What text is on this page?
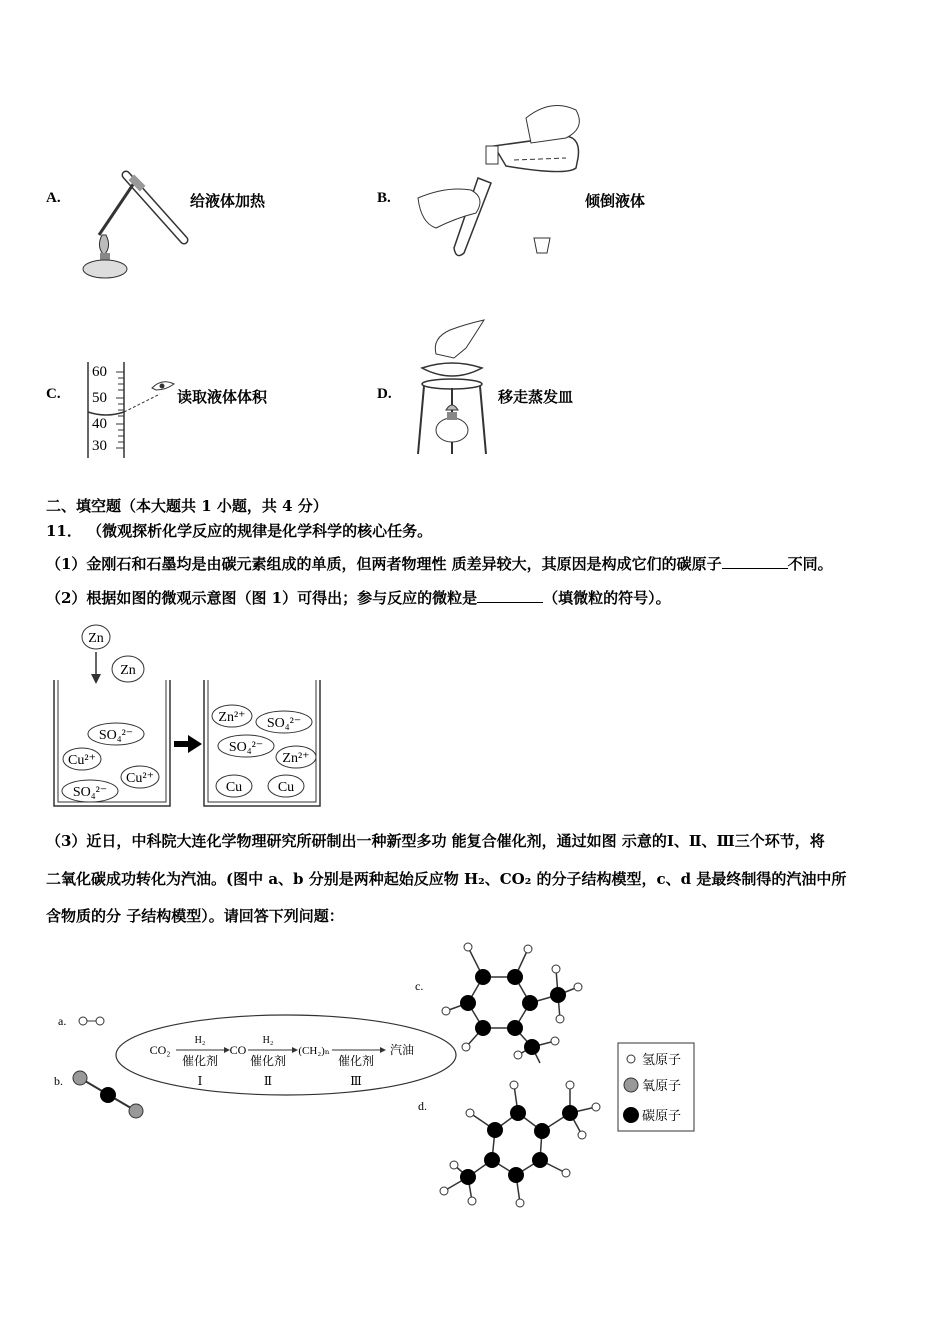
A.	给液体加热	B.	倾倒液体
C.
60
50
40
30
读取液体体积	D.	移走蒸发皿
二、填空题（本大题共 1 小题，共 4 分）
11． （微观探析化学反应的规律是化学科学的核心任务。
（1）金刚石和石墨均是由碳元素组成的单质，但两者物理性 质差异较大，其原因是构成它们的碳原子	不同。
（2）根据如图的微观示意图（图 1）可得出；参与反应的微粒是	（填微粒的符号）。
Zn
Zn
SO₄²⁻
Cu²⁺
Cu²⁺
SO₄²⁻
Zn²⁺ SO₄²⁻
SO₄²⁻
Zn²⁺
Cu	Cu
（3）近日，中科院大连化学物理研究所研制出一种新型多功 能复合催化剂，通过如图 示意的Ⅰ、Ⅱ、Ⅲ三个环节，将
二氧化碳成功转化为汽油。(图中 a、b 分别是两种起始反应物 H₂、CO₂ 的分子结构模型，c、d 是最终制得的汽油中所
含物质的分 子结构模型）。请回答下列问题：
a.
b.
CO₂
H₂
催化剂
Ⅰ
CO
H₂
催化剂
Ⅱ
(CH₂)ₙ
催化剂
Ⅲ
汽油
c.
d.
氢原子
氧原子
碳原子
